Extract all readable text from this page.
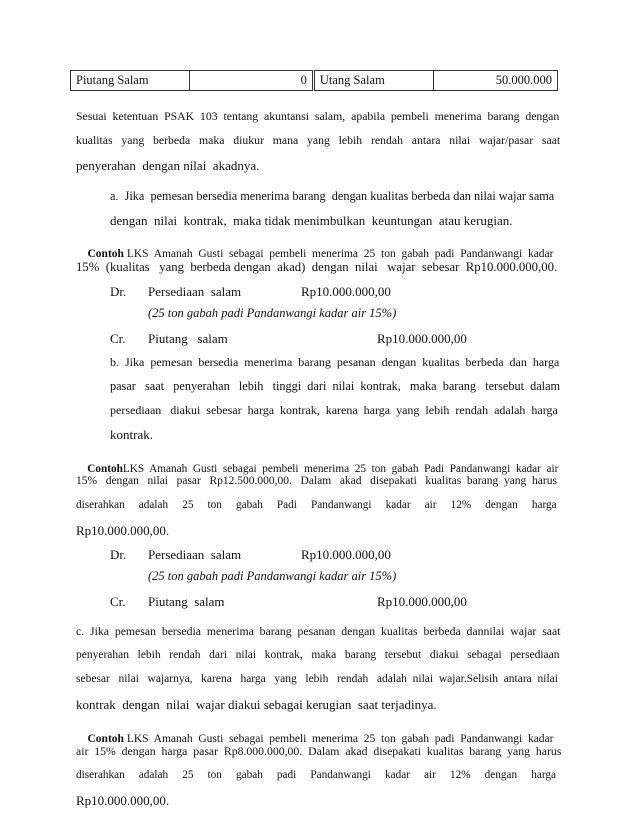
Piutang Salam	0	Utang Salam	50.000.000
Sesuai  ketentuan  PSAK  103  tentang  akuntansi  salam,  apabila  pembeli  menerima  barang  dengan
kualitas   yang   berbeda   maka   diukur   mana   yang   lebih   rendah   antara   nilai   wajar/pasar   saat
penyerahan  dengan nilai  akadnya.
a.  Jika  pemesan bersedia menerima barang  dengan kualitas berbeda dan nilai wajar sama
dengan  nilai  kontrak,  maka tidak menimbulkan  keuntungan  atau kerugian.

Contoh LKS  Amanah  Gusti  sebagai  pembeli  menerima  25  ton  gabah  padi  Pandanwangi  kadar

15%  (kualitas   yang  berbeda dengan  akad)  dengan  nilai   wajar  sebesar  Rp10.000.000,00.
Dr. Persediaan  salam	Rp10.000.000,00
(25 ton gabah padi Pandanwangi kadar air 15%)
Cr. Piutang   salam	Rp10.000.000,00
b.  Jika  pemesan  bersedia  menerima  barang  pesanan  dengan  kualitas  berbeda  dan  harga
pasar   saat   penyerahan   lebih   tinggi  dari  nilai  kontrak,   maka  barang   tersebut  dalam
persediaan   diakui  sebesar  harga  kontrak,  karena  harga  yang  lebih  rendah  adalah  harga
kontrak.

ContohLKS  Amanah  Gusti  sebagai  pembeli  menerima  25  ton  gabah  Padi  Pandanwangi  kadar  air

15%   dengan   nilai   pasar   Rp12.500.000,00.   Dalam   akad   disepakati   kualitas  barang  yang  harus
diserahkan     adalah     25     ton     gabah     Padi     Pandanwangi     kadar     air     12%     dengan     harga
Rp10.000.000,00.
Dr. Persediaan  salam	Rp10.000.000,00
(25 ton gabah padi Pandanwangi kadar air 15%)
Cr. Piutang  salam	Rp10.000.000,00
c.  Jika  pemesan  bersedia  menerima  barang  pesanan  dengan  kualitas  berbeda  dannilai  wajar  saat
penyerahan   lebih   rendah   dari   nilai   kontrak,   maka   barang   tersebut   diakui   sebagai   persediaan
sebesar   nilai   wajarnya,   karena   harga   yang   lebih   rendah   adalah  nilai  wajar.Selisih  antara  nilai
kontrak  dengan  nilai  wajar diakui sebagai kerugian  saat terjadinya.

Contoh LKS  Amanah  Gusti  sebagai  pembeli  menerima  25  ton  gabah  padi  Pandanwangi  kadar

air  15%  dengan  harga  pasar  Rp8.000.000,00.  Dalam  akad  disepakati  kualitas  barang  yang  harus
diserahkan     adalah     25     ton     gabah     padi     Pandanwangi     kadar     air     12%     dengan     harga
Rp10.000.000,00.
